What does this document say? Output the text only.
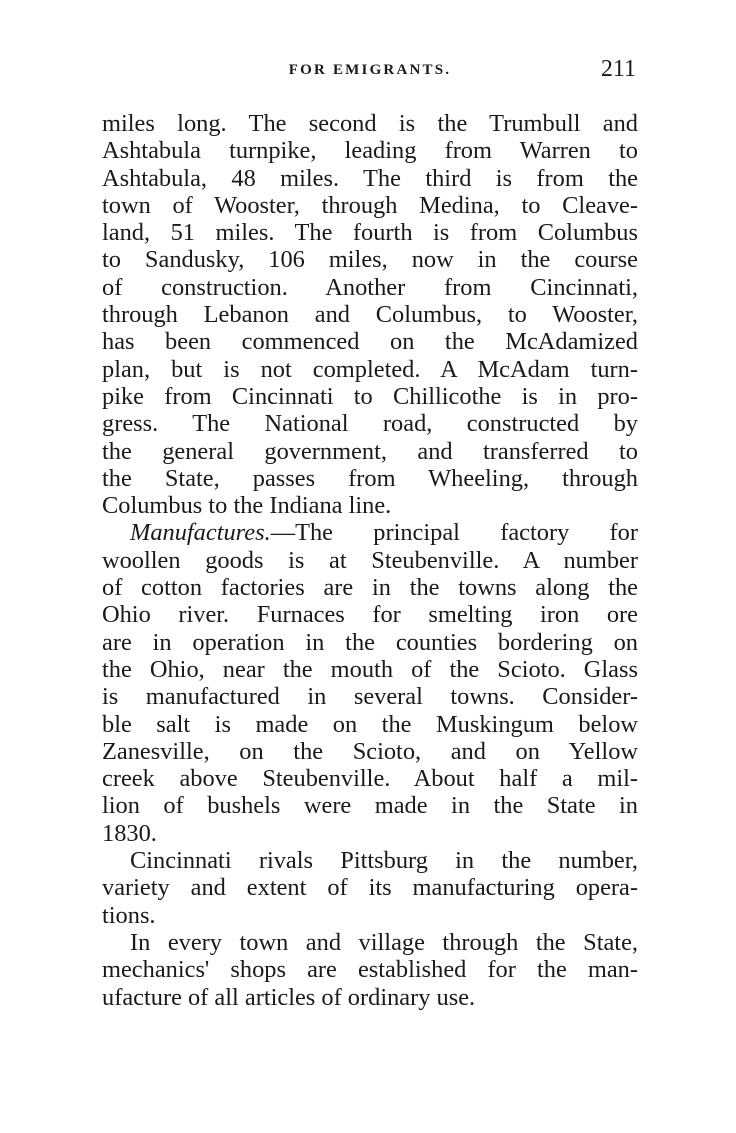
FOR EMIGRANTS.	211
miles long. The second is the Trumbull and
Ashtabula turnpike, leading from Warren to
Ashtabula, 48 miles. The third is from the
town of Wooster, through Medina, to Cleave-
land, 51 miles. The fourth is from Columbus
to Sandusky, 106 miles, now in the course
of construction. Another from Cincinnati,
through Lebanon and Columbus, to Wooster,
has been commenced on the McAdamized
plan, but is not completed. A McAdam turn-
pike from Cincinnati to Chillicothe is in pro-
gress. The National road, constructed by
the general government, and transferred to
the State, passes from Wheeling, through
Columbus to the Indiana line.
Manufactures.—The principal factory for
woollen goods is at Steubenville. A number
of cotton factories are in the towns along the
Ohio river. Furnaces for smelting iron ore
are in operation in the counties bordering on
the Ohio, near the mouth of the Scioto. Glass
is manufactured in several towns. Consider-
ble salt is made on the Muskingum below
Zanesville, on the Scioto, and on Yellow
creek above Steubenville. About half a mil-
lion of bushels were made in the State in
1830.
Cincinnati rivals Pittsburg in the number,
variety and extent of its manufacturing opera-
tions.
In every town and village through the State,
mechanics' shops are established for the man-
ufacture of all articles of ordinary use.
